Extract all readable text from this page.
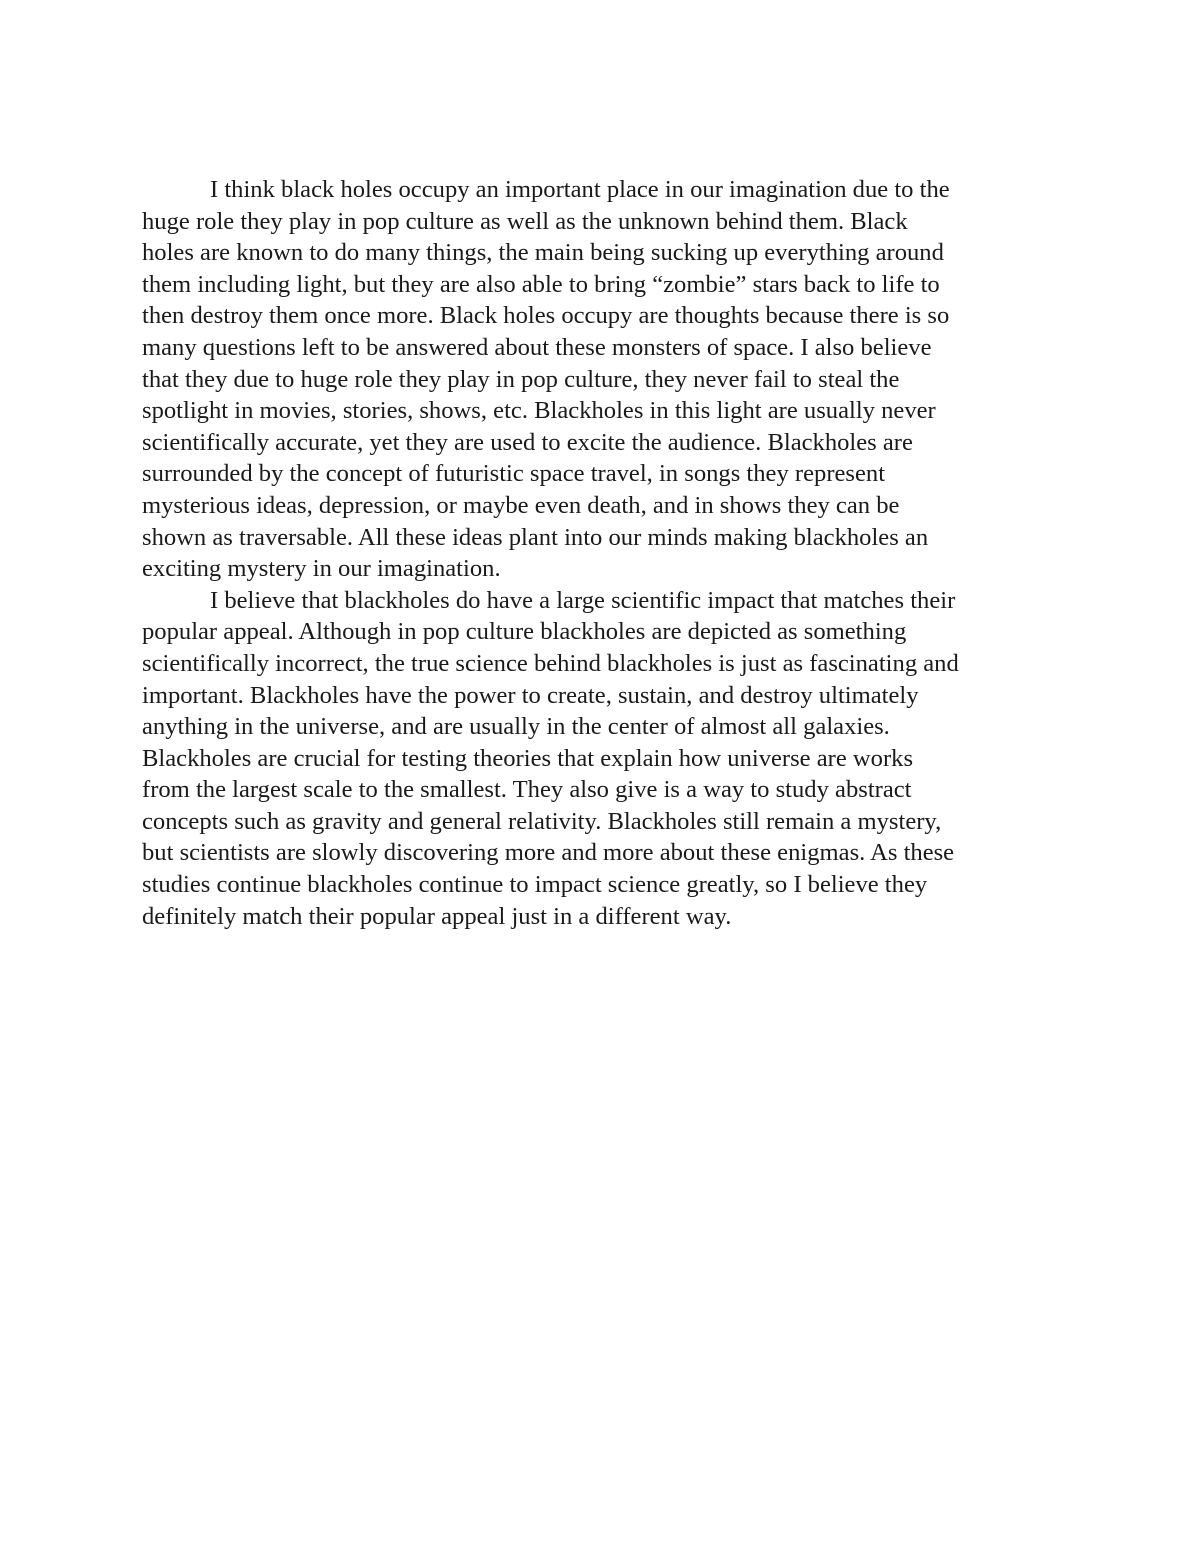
I think black holes occupy an important place in our imagination due to the
huge role they play in pop culture as well as the unknown behind them. Black
holes are known to do many things, the main being sucking up everything around
them including light, but they are also able to bring “zombie” stars back to life to
then destroy them once more. Black holes occupy are thoughts because there is so
many questions left to be answered about these monsters of space. I also believe
that they due to huge role they play in pop culture, they never fail to steal the
spotlight in movies, stories, shows, etc. Blackholes in this light are usually never
scientifically accurate, yet they are used to excite the audience. Blackholes are
surrounded by the concept of futuristic space travel, in songs they represent
mysterious ideas, depression, or maybe even death, and in shows they can be
shown as traversable. All these ideas plant into our minds making blackholes an
exciting mystery in our imagination.
I believe that blackholes do have a large scientific impact that matches their
popular appeal. Although in pop culture blackholes are depicted as something
scientifically incorrect, the true science behind blackholes is just as fascinating and
important. Blackholes have the power to create, sustain, and destroy ultimately
anything in the universe, and are usually in the center of almost all galaxies.
Blackholes are crucial for testing theories that explain how universe are works
from the largest scale to the smallest. They also give is a way to study abstract
concepts such as gravity and general relativity. Blackholes still remain a mystery,
but scientists are slowly discovering more and more about these enigmas. As these
studies continue blackholes continue to impact science greatly, so I believe they
definitely match their popular appeal just in a different way.
